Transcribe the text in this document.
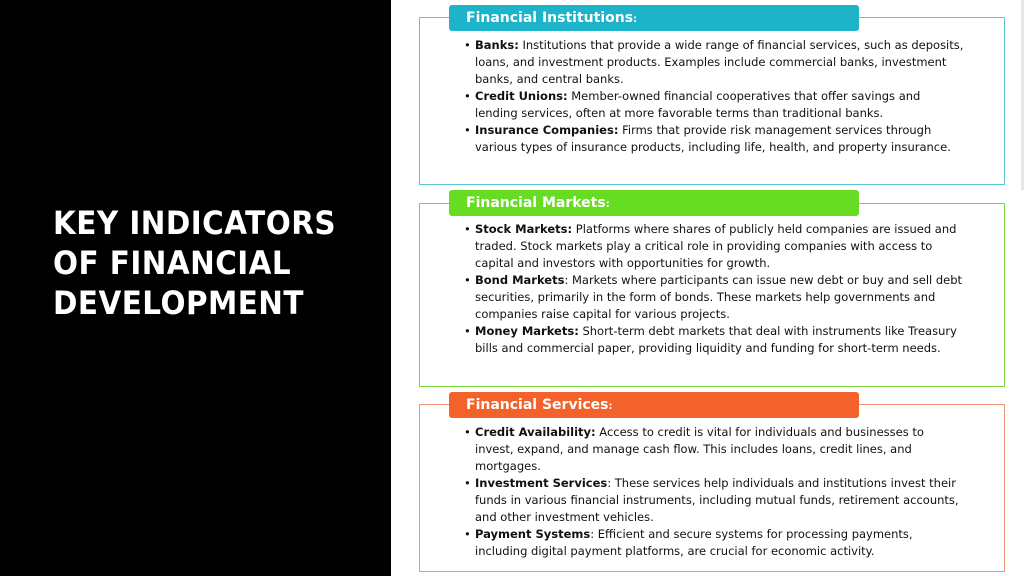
KEY INDICATORS
OF FINANCIAL
DEVELOPMENT
Financial Institutions:
• Banks: Institutions that provide a wide range of financial services, such as deposits, loans, and investment products. Examples include commercial banks, investment banks, and central banks.
• Credit Unions: Member-owned financial cooperatives that offer savings and lending services, often at more favorable terms than traditional banks.
• Insurance Companies: Firms that provide risk management services through various types of insurance products, including life, health, and property insurance.
Financial Markets:
• Stock Markets: Platforms where shares of publicly held companies are issued and traded. Stock markets play a critical role in providing companies with access to capital and investors with opportunities for growth.
• Bond Markets: Markets where participants can issue new debt or buy and sell debt securities, primarily in the form of bonds. These markets help governments and companies raise capital for various projects.
• Money Markets: Short-term debt markets that deal with instruments like Treasury bills and commercial paper, providing liquidity and funding for short-term needs.
Financial Services:
• Credit Availability: Access to credit is vital for individuals and businesses to invest, expand, and manage cash flow. This includes loans, credit lines, and mortgages.
• Investment Services: These services help individuals and institutions invest their funds in various financial instruments, including mutual funds, retirement accounts, and other investment vehicles.
• Payment Systems: Efficient and secure systems for processing payments, including digital payment platforms, are crucial for economic activity.
